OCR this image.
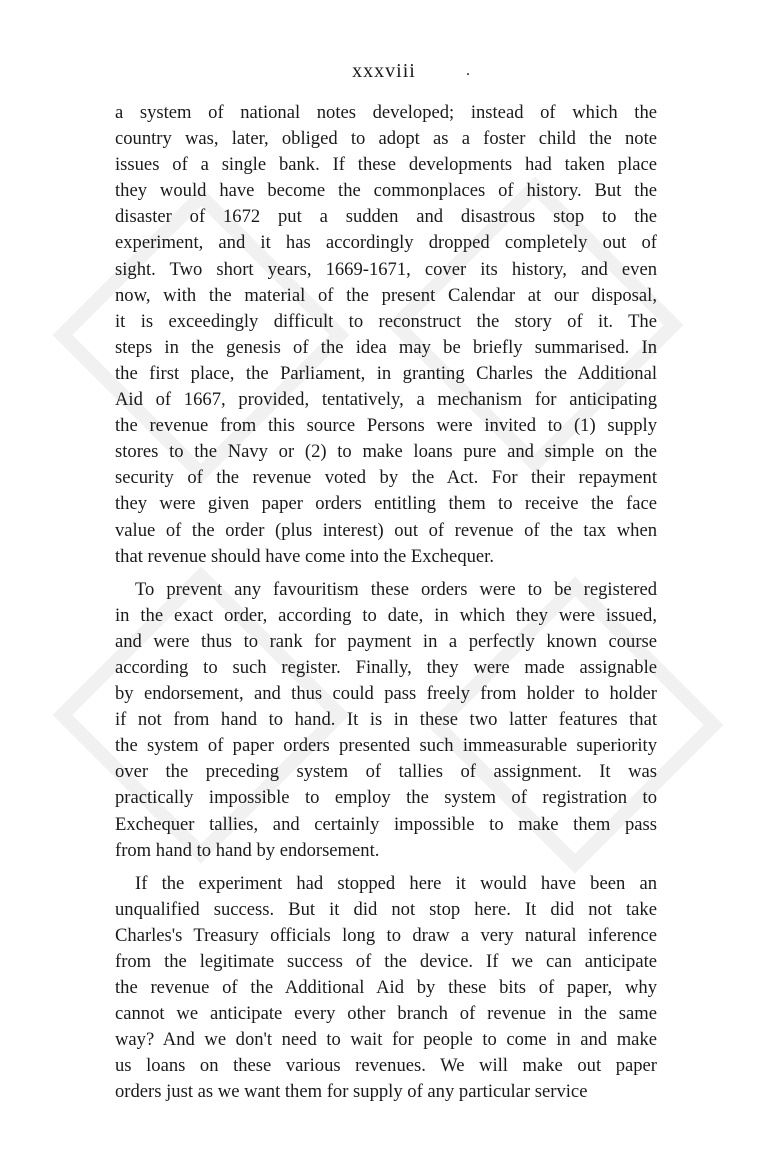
xxxviii	.
a system of national notes developed; instead of which the
country was, later, obliged to adopt as a foster child the note
issues of a single bank. If these developments had taken place
they would have become the commonplaces of history. But the
disaster of 1672 put a sudden and disastrous stop to the
experiment, and it has accordingly dropped completely out of
sight. Two short years, 1669-1671, cover its history, and even
now, with the material of the present Calendar at our disposal,
it is exceedingly difficult to reconstruct the story of it. The
steps in the genesis of the idea may be briefly summarised. In
the first place, the Parliament, in granting Charles the Additional
Aid of 1667, provided, tentatively, a mechanism for anticipating
the revenue from this source Persons were invited to (1) supply
stores to the Navy or (2) to make loans pure and simple on the
security of the revenue voted by the Act. For their repayment
they were given paper orders entitling them to receive the face
value of the order (plus interest) out of revenue of the tax when
that revenue should have come into the Exchequer.
To prevent any favouritism these orders were to be registered
in the exact order, according to date, in which they were issued,
and were thus to rank for payment in a perfectly known course
according to such register. Finally, they were made assignable
by endorsement, and thus could pass freely from holder to holder
if not from hand to hand. It is in these two latter features that
the system of paper orders presented such immeasurable superiority
over the preceding system of tallies of assignment. It was
practically impossible to employ the system of registration to
Exchequer tallies, and certainly impossible to make them pass
from hand to hand by endorsement.
If the experiment had stopped here it would have been an
unqualified success. But it did not stop here. It did not take
Charles's Treasury officials long to draw a very natural inference
from the legitimate success of the device. If we can anticipate
the revenue of the Additional Aid by these bits of paper, why
cannot we anticipate every other branch of revenue in the same
way? And we don't need to wait for people to come in and make
us loans on these various revenues. We will make out paper
orders just as we want them for supply of any particular service
